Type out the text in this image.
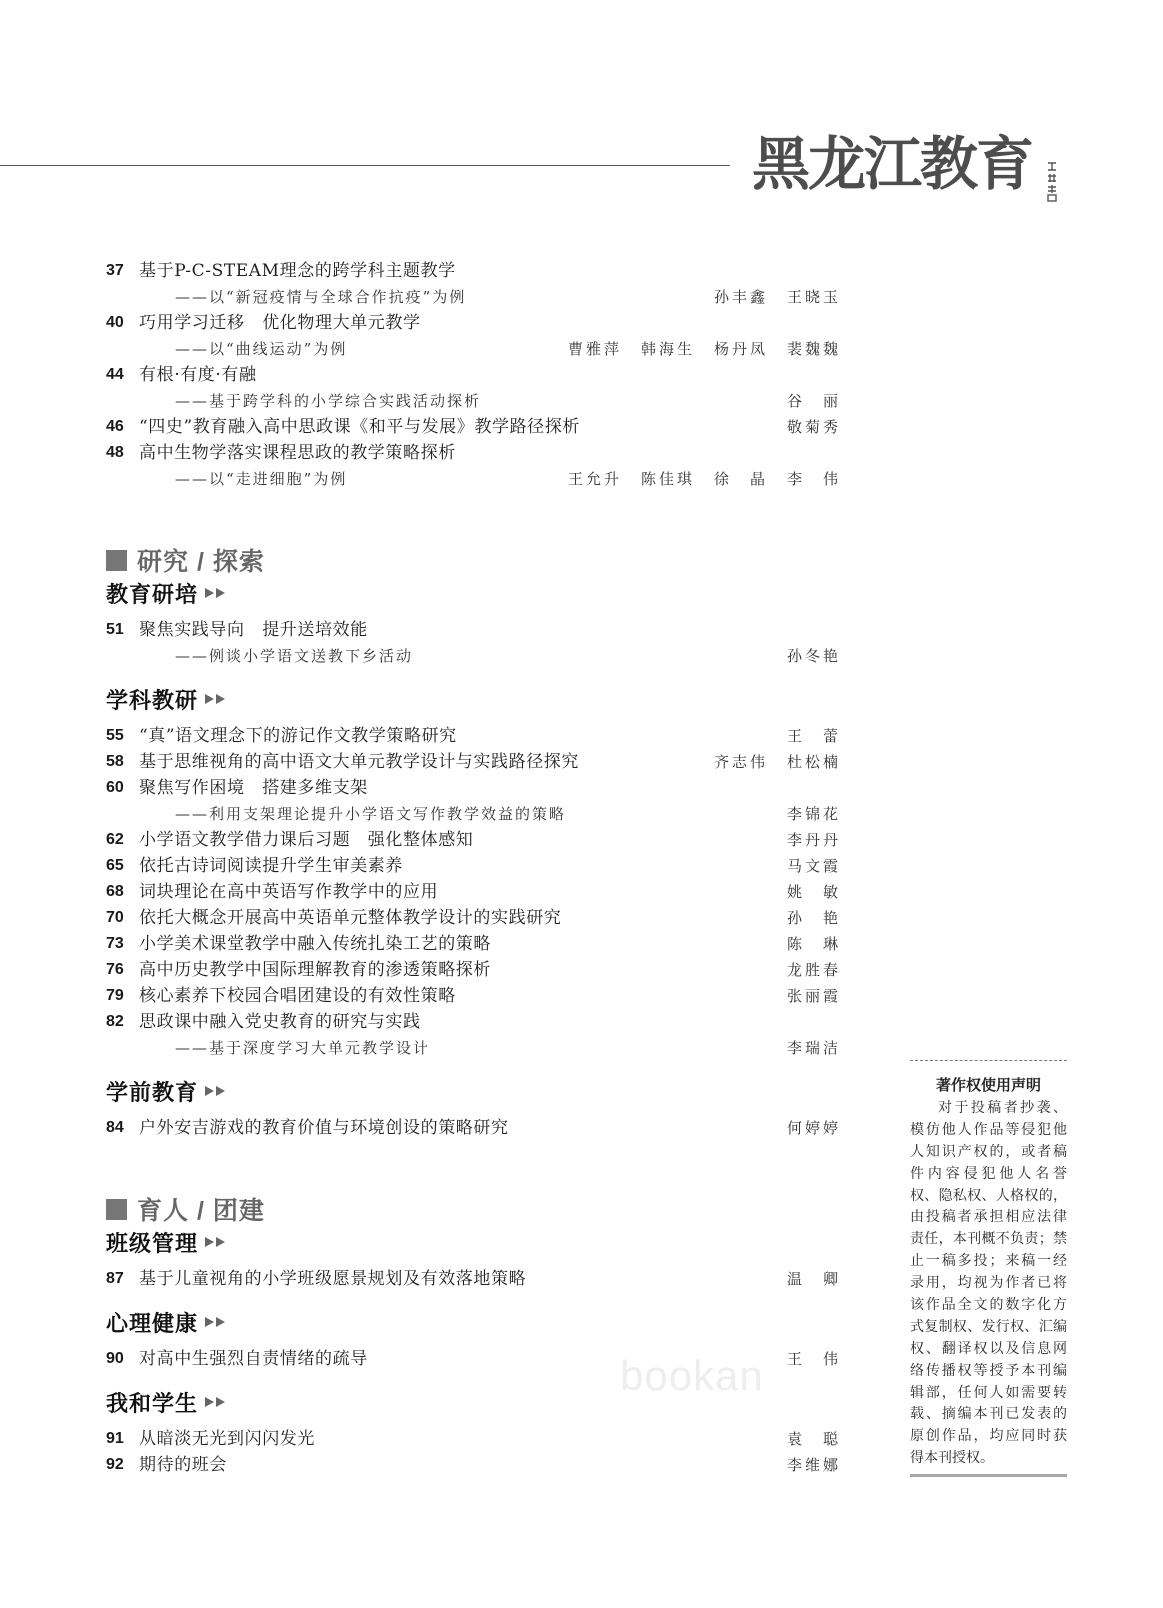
黑龙江教育
37 基于P-C-STEAM理念的跨学科主题教学
——以“新冠疫情与全球合作抗疫”为例	孙丰鑫 王晓玉
40 巧用学习迁移　优化物理大单元教学
——以“曲线运动”为例	曹雅萍 韩海生 杨丹凤 裴魏魏
44 有根·有度·有融
——基于跨学科的小学综合实践活动探析	谷 丽
46 “四史”教育融入高中思政课《和平与发展》教学路径探析	敬菊秀
48 高中生物学落实课程思政的教学策略探析
——以“走进细胞”为例	王允升 陈佳琪 徐 晶 李 伟
研究 / 探索
教育研培
51 聚焦实践导向　提升送培效能
——例谈小学语文送教下乡活动	孙冬艳
学科教研
55 “真”语文理念下的游记作文教学策略研究	王 蕾
58 基于思维视角的高中语文大单元教学设计与实践路径探究	齐志伟 杜松楠
60 聚焦写作困境　搭建多维支架
——利用支架理论提升小学语文写作教学效益的策略	李锦花
62 小学语文教学借力课后习题　强化整体感知	李丹丹
65 依托古诗词阅读提升学生审美素养	马文霞
68 词块理论在高中英语写作教学中的应用	姚 敏
70 依托大概念开展高中英语单元整体教学设计的实践研究	孙 艳
73 小学美术课堂教学中融入传统扎染工艺的策略	陈 琳
76 高中历史教学中国际理解教育的渗透策略探析	龙胜春
79 核心素养下校园合唱团建设的有效性策略	张丽霞
82 思政课中融入党史教育的研究与实践
——基于深度学习大单元教学设计	李瑞洁
学前教育
84 户外安吉游戏的教育价值与环境创设的策略研究	何婷婷
育人 / 团建
班级管理
87 基于儿童视角的小学班级愿景规划及有效落地策略	温 卿
心理健康
90 对高中生强烈自责情绪的疏导	王 伟
我和学生
91 从暗淡无光到闪闪发光	袁 聪
92 期待的班会	李维娜
bookan
著作权使用声明
对于投稿者抄袭、
模仿他人作品等侵犯他
人知识产权的，或者稿
件内容侵犯他人名誉
权、隐私权、人格权的，
由投稿者承担相应法律
责任，本刊概不负责；禁
止一稿多投；来稿一经
录用，均视为作者已将
该作品全文的数字化方
式复制权、发行权、汇编
权、翻译权以及信息网
络传播权等授予本刊编
辑部，任何人如需要转
载、摘编本刊已发表的
原创作品，均应同时获
得本刊授权。
